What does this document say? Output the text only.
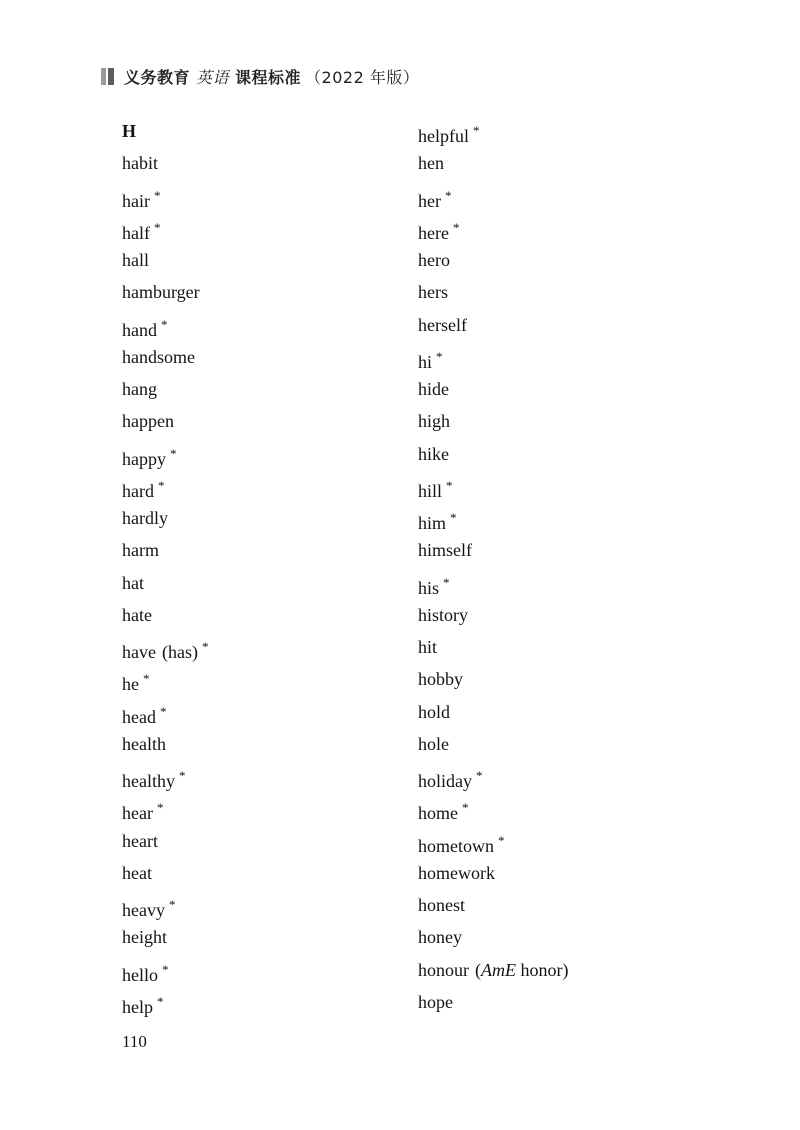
义务教育 英语 课程标准 （2022 年版）
H
habit
hair *
half *
hall
hamburger
hand *
handsome
hang
happen
happy *
hard *
hardly
harm
hat
hate
have (has) *
he *
head *
health
healthy *
hear *
heart
heat
heavy *
height
hello *
help *
helpful *
hen
her *
here *
hero
hers
herself
hi *
hide
high
hike
hill *
him *
himself
his *
history
hit
hobby
hold
hole
holiday *
home *
hometown *
homework
honest
honey
honour (AmE honor)
hope
110
